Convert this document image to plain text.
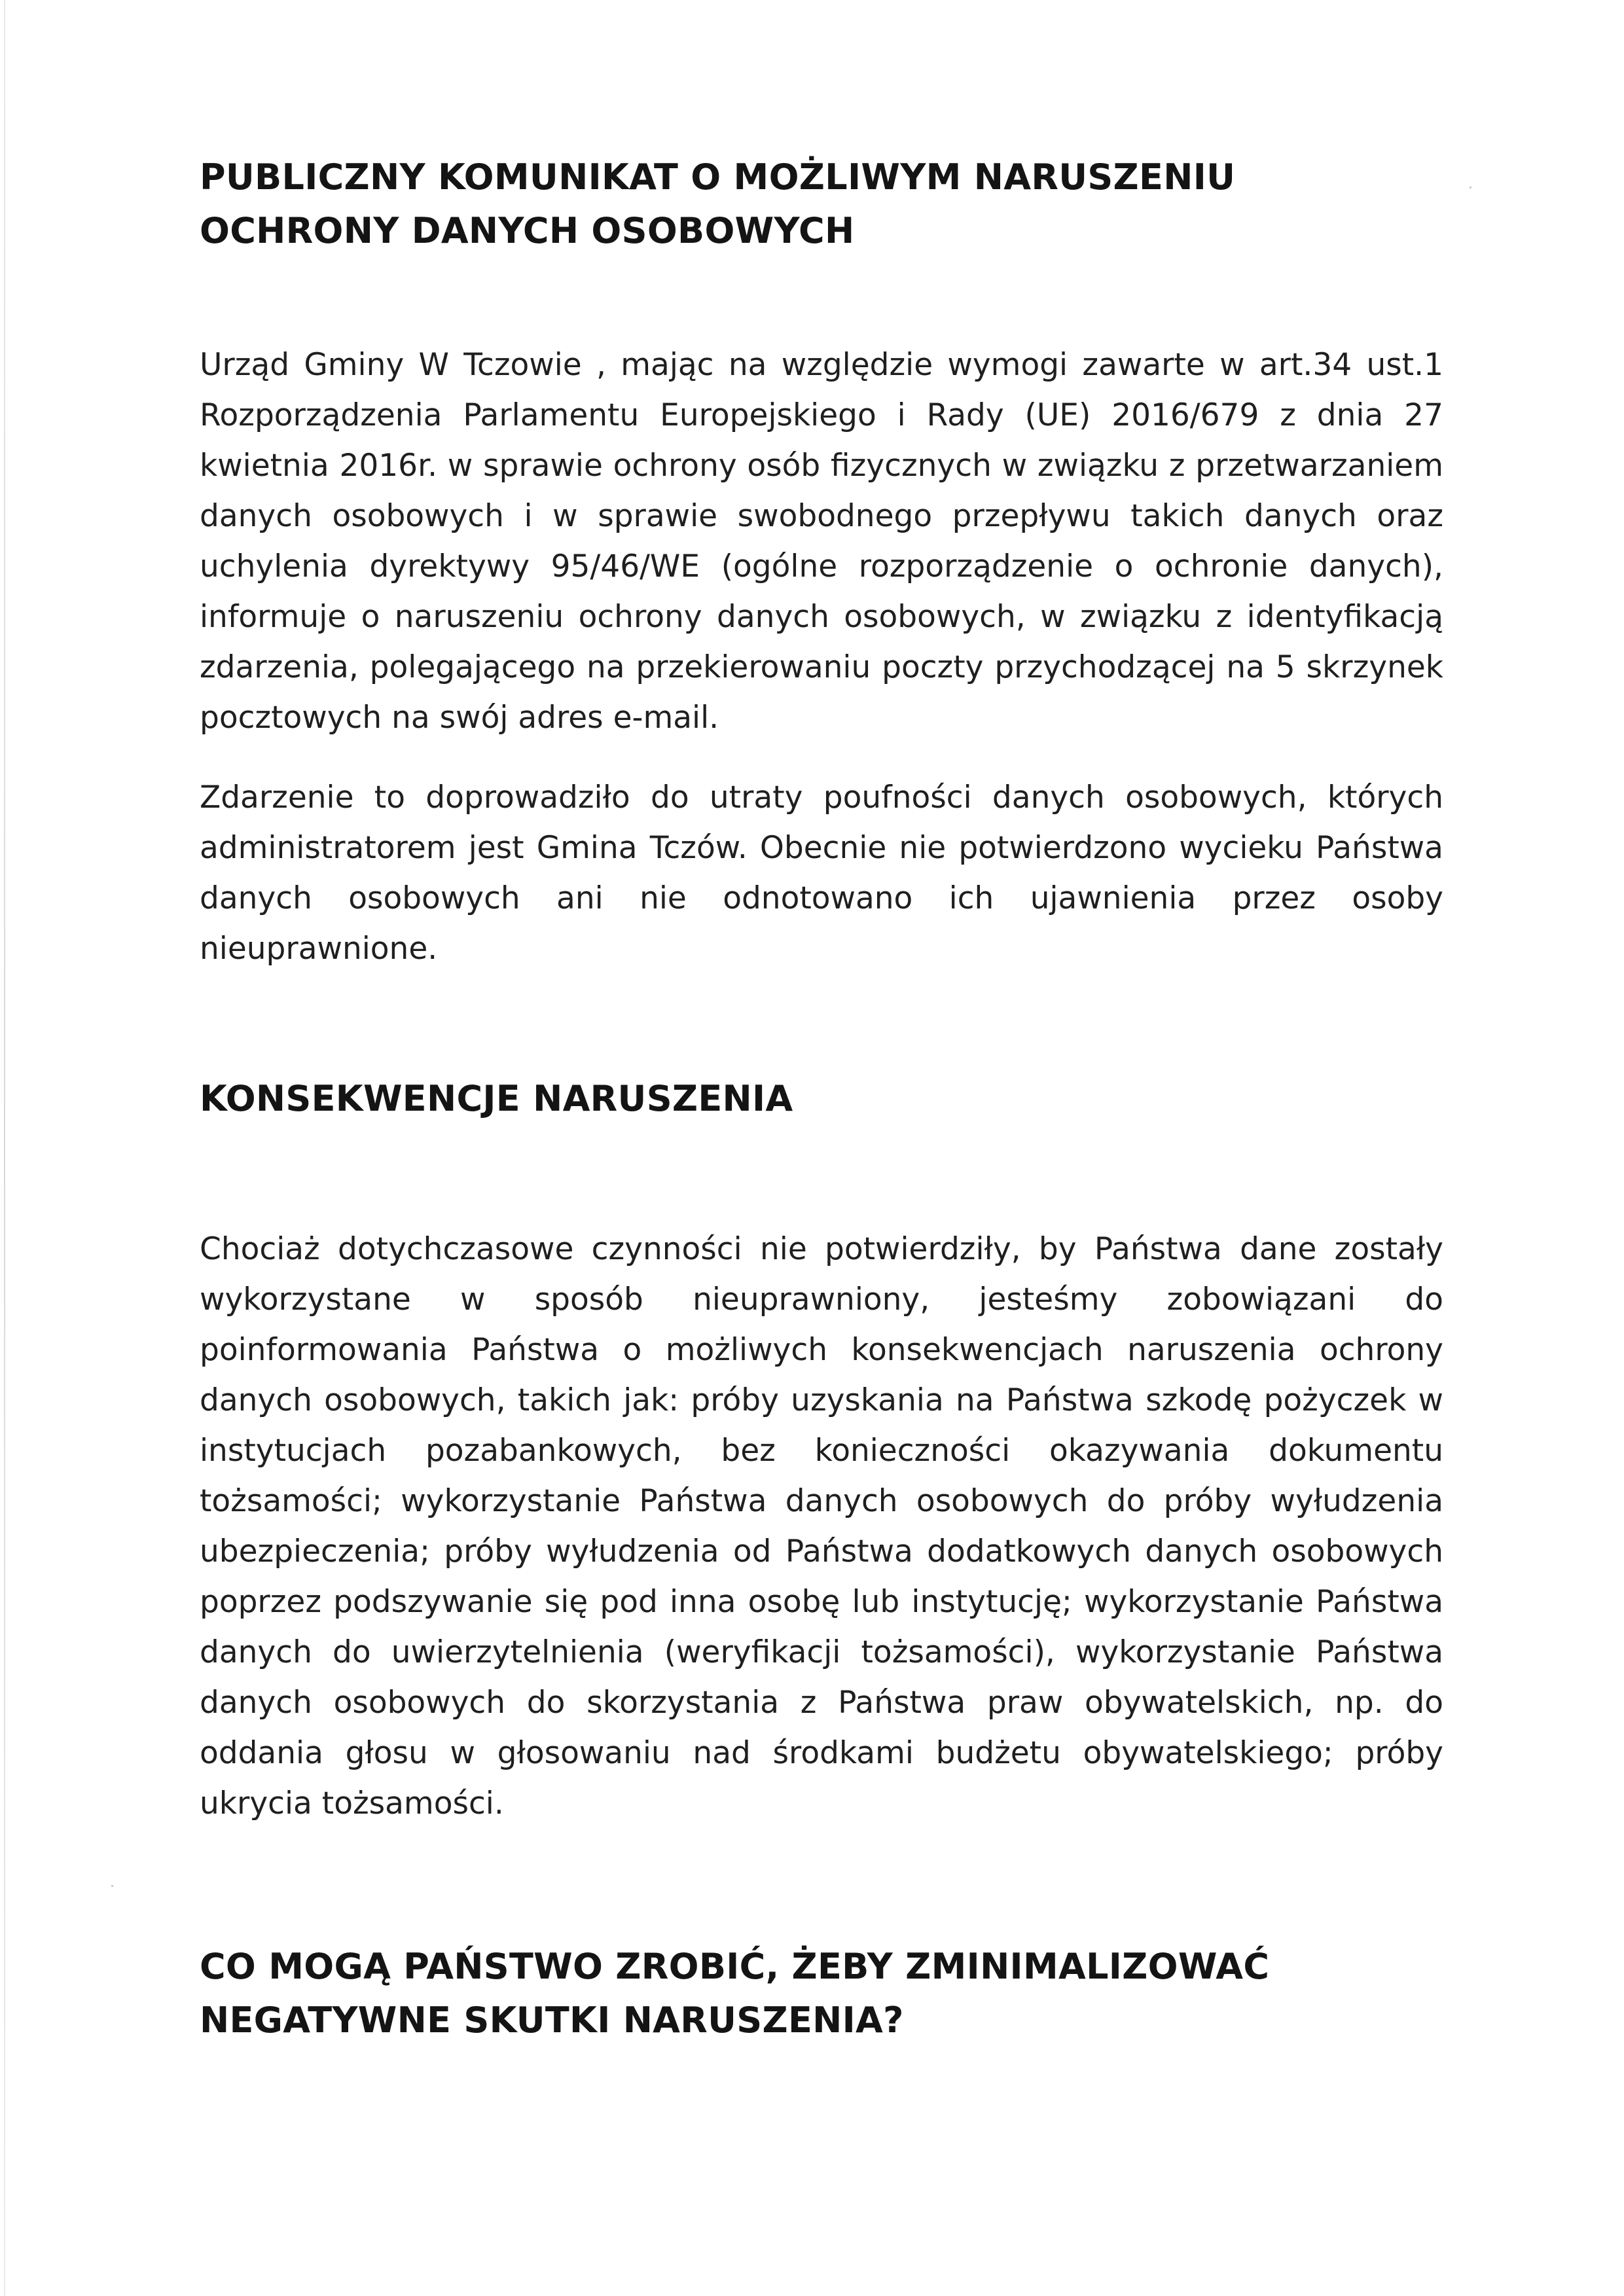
PUBLICZNY KOMUNIKAT O MOŻLIWYM NARUSZENIU OCHRONY DANYCH OSOBOWYCH

Urząd Gminy W Tczowie , mając na względzie wymogi zawarte w art.34 ust.1 Rozporządzenia Parlamentu Europejskiego i Rady (UE) 2016/679 z dnia 27 kwietnia 2016r. w sprawie ochrony osób fizycznych w związku z przetwarzaniem danych osobowych i w sprawie swobodnego przepływu takich danych oraz uchylenia dyrektywy 95/46/WE (ogólne rozporządzenie o ochronie danych), informuje o naruszeniu ochrony danych osobowych, w związku z identyfikacją zdarzenia, polegającego na przekierowaniu poczty przychodzącej na 5 skrzynek pocztowych na swój adres e-mail.

Zdarzenie to doprowadziło do utraty poufności danych osobowych, których administratorem jest Gmina Tczów. Obecnie nie potwierdzono wycieku Państwa danych osobowych ani nie odnotowano ich ujawnienia przez osoby nieuprawnione.

KONSEKWENCJE NARUSZENIA

Chociaż dotychczasowe czynności nie potwierdziły, by Państwa dane zostały wykorzystane w sposób nieuprawniony, jesteśmy zobowiązani do poinformowania Państwa o możliwych konsekwencjach naruszenia ochrony danych osobowych, takich jak: próby uzyskania na Państwa szkodę pożyczek w instytucjach pozabankowych, bez konieczności okazywania dokumentu tożsamości; wykorzystanie Państwa danych osobowych do próby wyłudzenia ubezpieczenia; próby wyłudzenia od Państwa dodatkowych danych osobowych poprzez podszywanie się pod inna osobę lub instytucję; wykorzystanie Państwa danych do uwierzytelnienia (weryfikacji tożsamości), wykorzystanie Państwa danych osobowych do skorzystania z Państwa praw obywatelskich, np. do oddania głosu w głosowaniu nad środkami budżetu obywatelskiego; próby ukrycia tożsamości.

CO MOGĄ PAŃSTWO ZROBIĆ, ŻEBY ZMINIMALIZOWAĆ NEGATYWNE SKUTKI NARUSZENIA?
